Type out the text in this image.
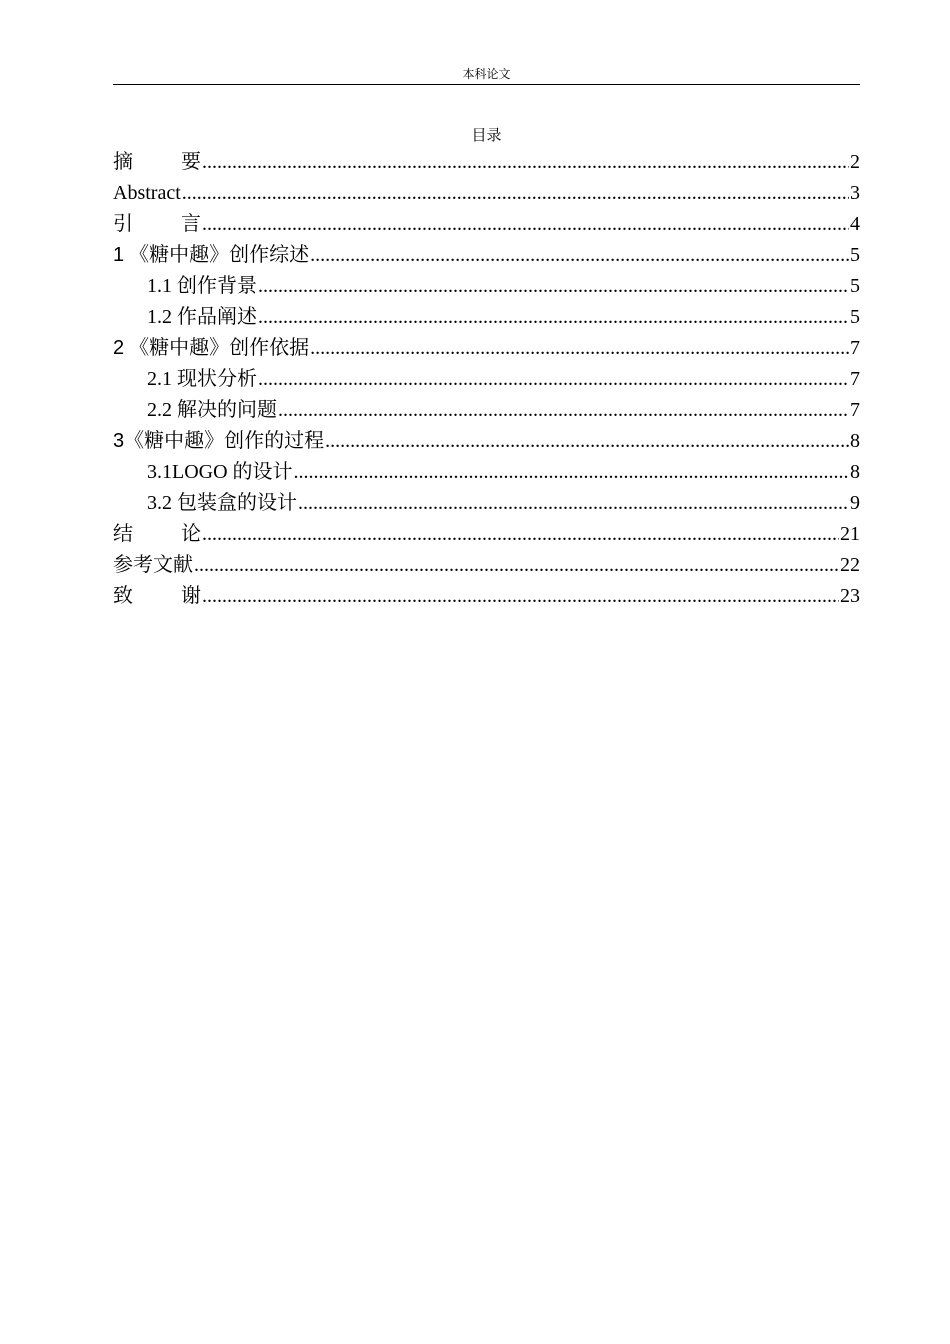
本科论文
目录
摘要 .....	2
Abstract .....	3
引言 .....	4
1 《糖中趣》创作综述 .....	5
1.1 创作背景 .....	5
1.2 作品阐述 .....	5
2 《糖中趣》创作依据 .....	7
2.1 现状分析 .....	7
2.2 解决的问题 .....	7
3《糖中趣》创作的过程 .....	8
3.1LOGO 的设计 .....	8
3.2 包装盒的设计 .....	9
结论 .....	21
参考文献 .....	22
致谢 .....	23
